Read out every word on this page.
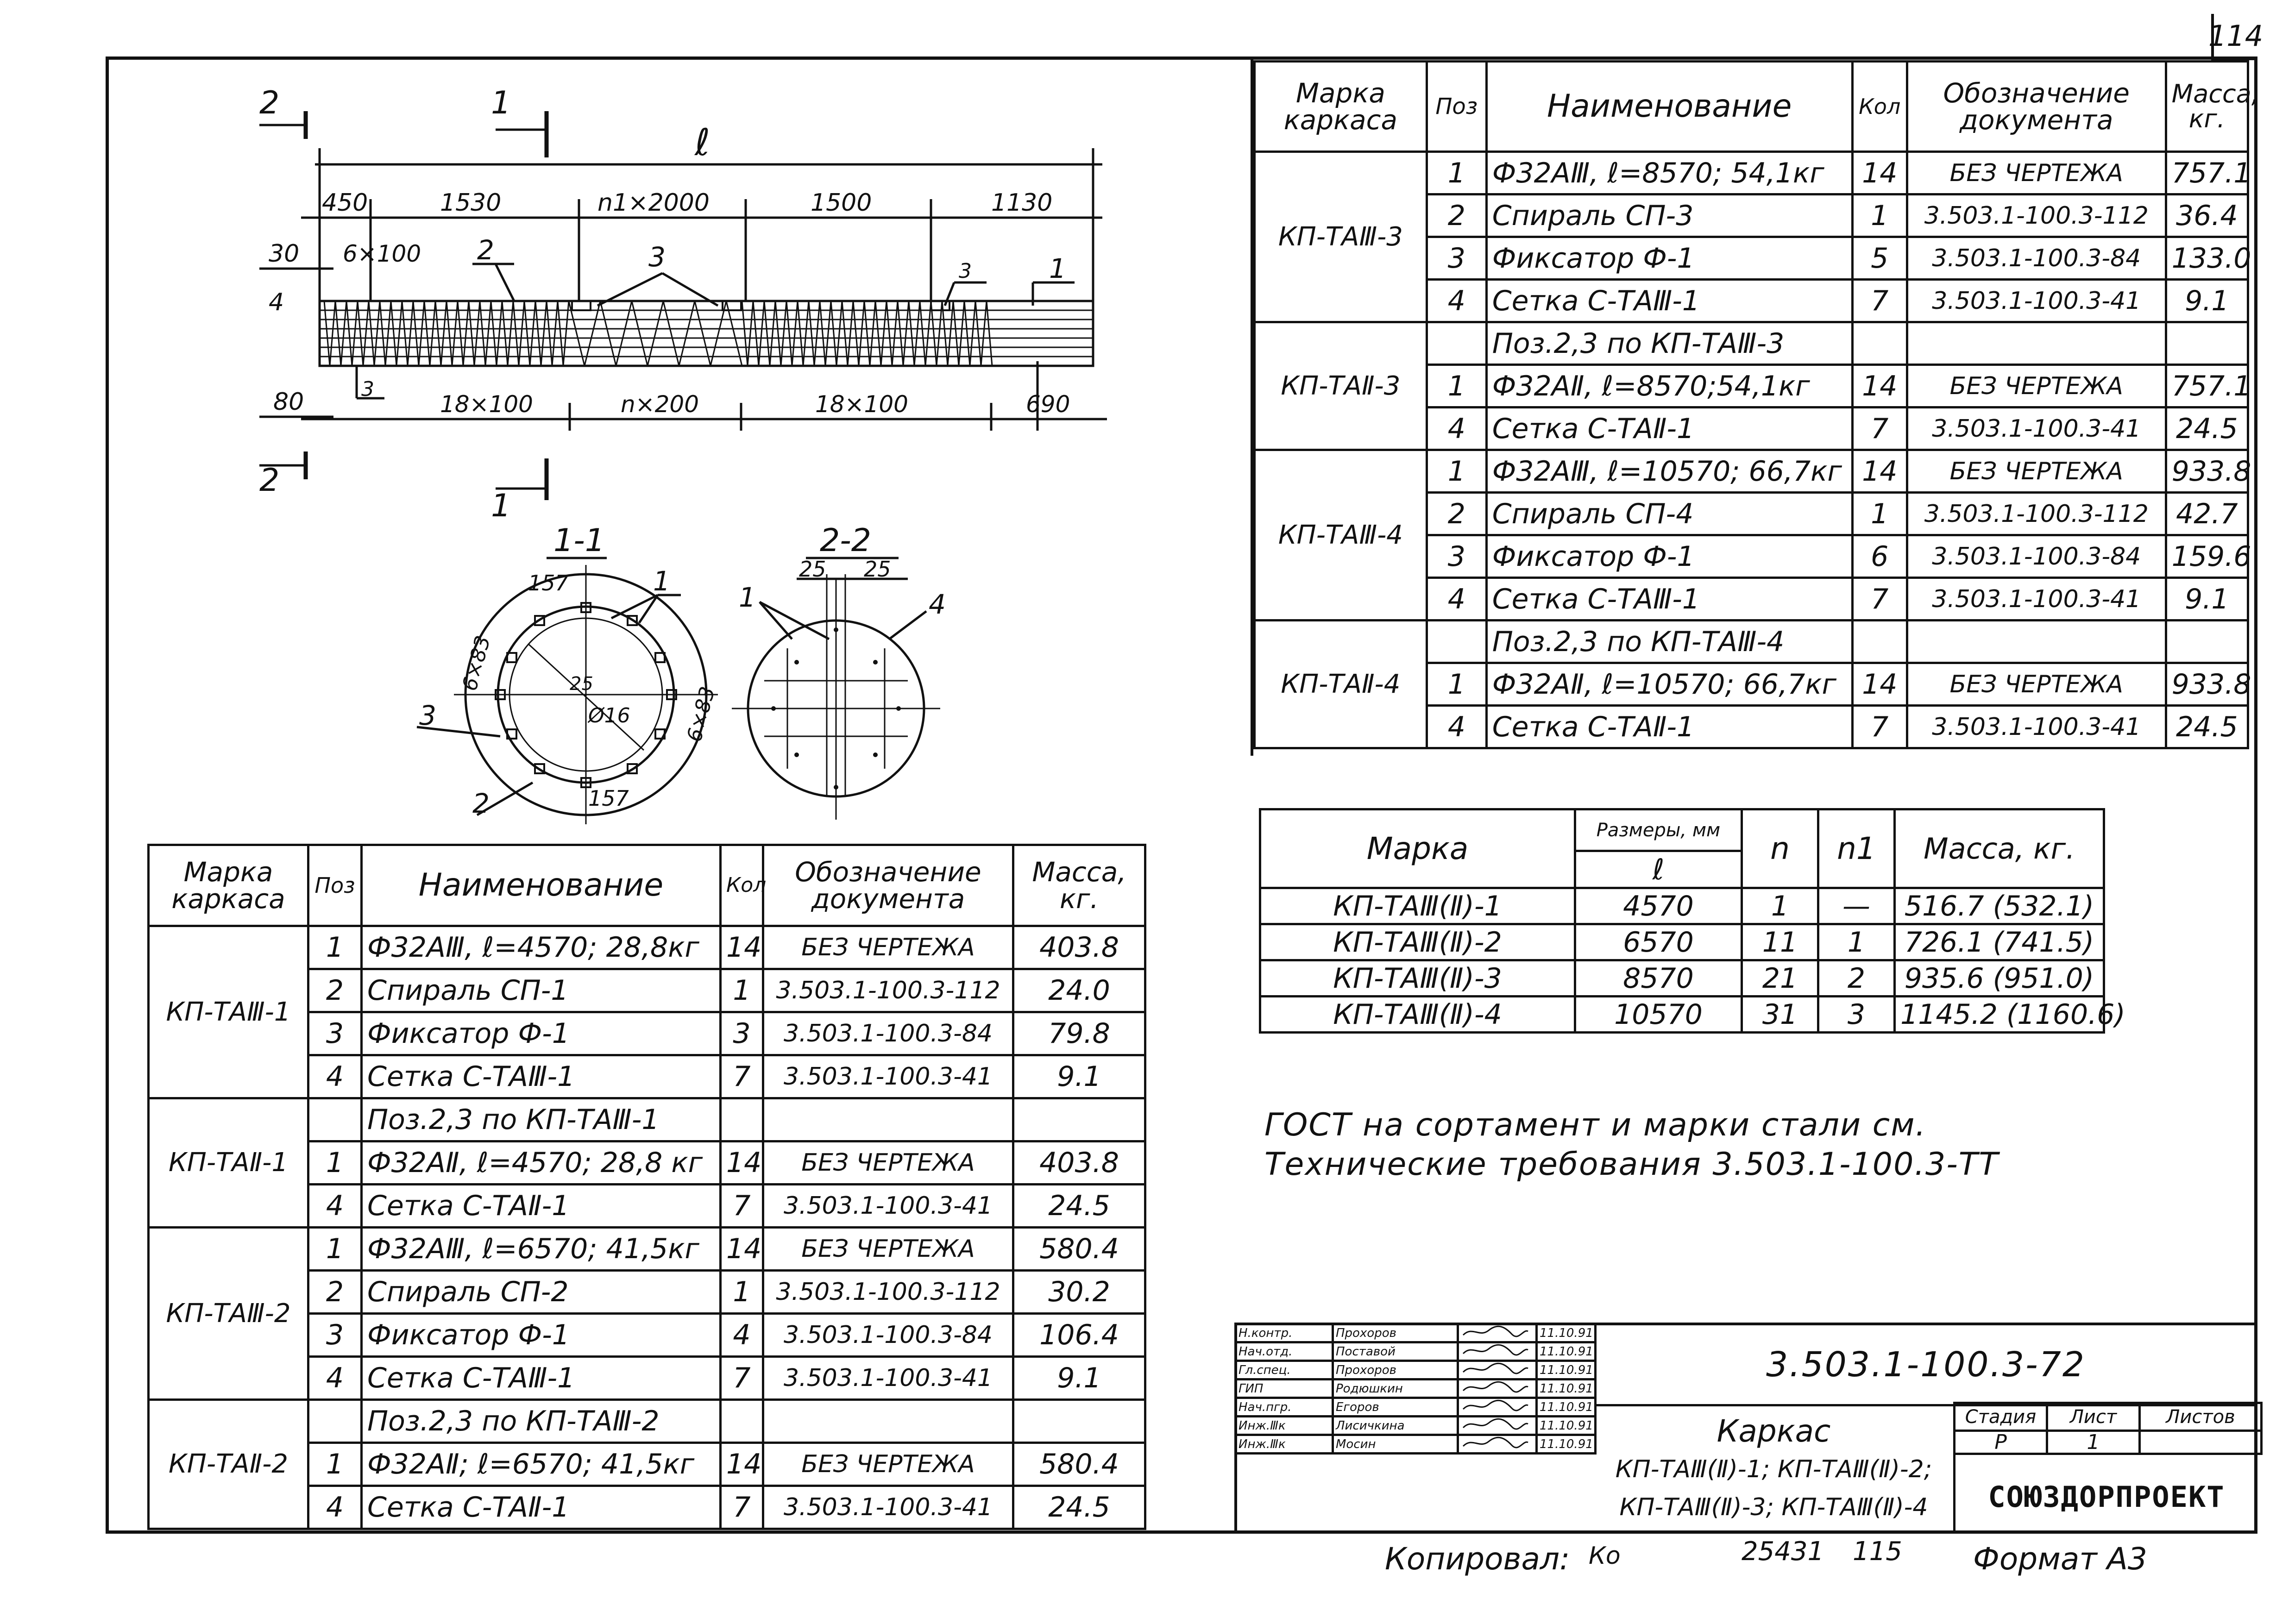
114
2
2
1
1
ℓ
450	1530	n1×2000	1500	1130
30
4
80
6×100
18×100	n×200	18×100	690
2	3
3
1
3
1-1
157	1
6×83	25
Ø16	6×83
3
2	157
2-2
25 25
1	4
Марка каркаса	Поз	Наименование	Кол	Обозначение документа	Масса, кг.
КП-ТАⅢ-3	1	Ф32АⅢ, ℓ=8570; 54,1кг	14	БЕЗ ЧЕРТЕЖА	757.1
	2	Спираль СП-3	1	3.503.1-100.3-112	36.4
	3	Фиксатор Ф-1	5	3.503.1-100.3-84	133.0
	4	Сетка С-ТАⅢ-1	7	3.503.1-100.3-41	9.1
КП-ТАⅡ-3		Поз.2,3 по КП-ТАⅢ-3			
	1	Ф32АⅡ, ℓ=8570;54,1кг	14	БЕЗ ЧЕРТЕЖА	757.1
	4	Сетка С-ТАⅡ-1	7	3.503.1-100.3-41	24.5
КП-ТАⅢ-4	1	Ф32АⅢ, ℓ=10570; 66,7кг	14	БЕЗ ЧЕРТЕЖА	933.8
	2	Спираль СП-4	1	3.503.1-100.3-112	42.7
	3	Фиксатор Ф-1	6	3.503.1-100.3-84	159.6
	4	Сетка С-ТАⅢ-1	7	3.503.1-100.3-41	9.1
КП-ТАⅡ-4		Поз.2,3 по КП-ТАⅢ-4			
	1	Ф32АⅡ, ℓ=10570; 66,7кг	14	БЕЗ ЧЕРТЕЖА	933.8
	4	Сетка С-ТАⅡ-1	7	3.503.1-100.3-41	24.5
Марка каркаса	Поз	Наименование	Кол	Обозначение документа	Масса, кг.
КП-ТАⅢ-1	1	Ф32АⅢ, ℓ=4570; 28,8кг	14	БЕЗ ЧЕРТЕЖА	403.8
	2	Спираль СП-1	1	3.503.1-100.3-112	24.0
	3	Фиксатор Ф-1	3	3.503.1-100.3-84	79.8
	4	Сетка С-ТАⅢ-1	7	3.503.1-100.3-41	9.1
КП-ТАⅡ-1		Поз.2,3 по КП-ТАⅢ-1			
	1	Ф32АⅡ, ℓ=4570; 28,8 кг	14	БЕЗ ЧЕРТЕЖА	403.8
	4	Сетка С-ТАⅡ-1	7	3.503.1-100.3-41	24.5
КП-ТАⅢ-2	1	Ф32АⅢ, ℓ=6570; 41,5кг	14	БЕЗ ЧЕРТЕЖА	580.4
	2	Спираль СП-2	1	3.503.1-100.3-112	30.2
	3	Фиксатор Ф-1	4	3.503.1-100.3-84	106.4
	4	Сетка С-ТАⅢ-1	7	3.503.1-100.3-41	9.1
КП-ТАⅡ-2		Поз.2,3 по КП-ТАⅢ-2			
	1	Ф32АⅡ; ℓ=6570; 41,5кг	14	БЕЗ ЧЕРТЕЖА	580.4
	4	Сетка С-ТАⅡ-1	7	3.503.1-100.3-41	24.5
Марка	Размеры, мм	n	n1	Масса, кг.
	ℓ			
КП-ТАⅢ(Ⅱ)-1	4570	1	—	516.7 (532.1)
КП-ТАⅢ(Ⅱ)-2	6570	11	1	726.1 (741.5)
КП-ТАⅢ(Ⅱ)-3	8570	21	2	935.6 (951.0)
КП-ТАⅢ(Ⅱ)-4	10570	31	3	1145.2 (1160.6)
ГОСТ на сортамент и марки стали см.
Технические требования 3.503.1-100.3-ТТ
Н.контр.	Прохоров		11.10.91
Нач.отд.	Поставой		11.10.91
Гл.спец.	Прохоров		11.10.91
ГИП	Родюшкин		11.10.91
Нач.пгр.	Егоров		11.10.91
Инж.Ⅲк	Лисичкина		11.10.91
Инж.Ⅲк	Мосин		11.10.91
3.503.1-100.3-72
Каркас
КП-ТАⅢ(Ⅱ)-1; КП-ТАⅢ(Ⅱ)-2;
КП-ТАⅢ(Ⅱ)-3; КП-ТАⅢ(Ⅱ)-4
Стадия	Лист	Листов
Р	1	
СОЮЗДОРПРОЕКТ
Копировал: Ко	25431 115 Формат А3
